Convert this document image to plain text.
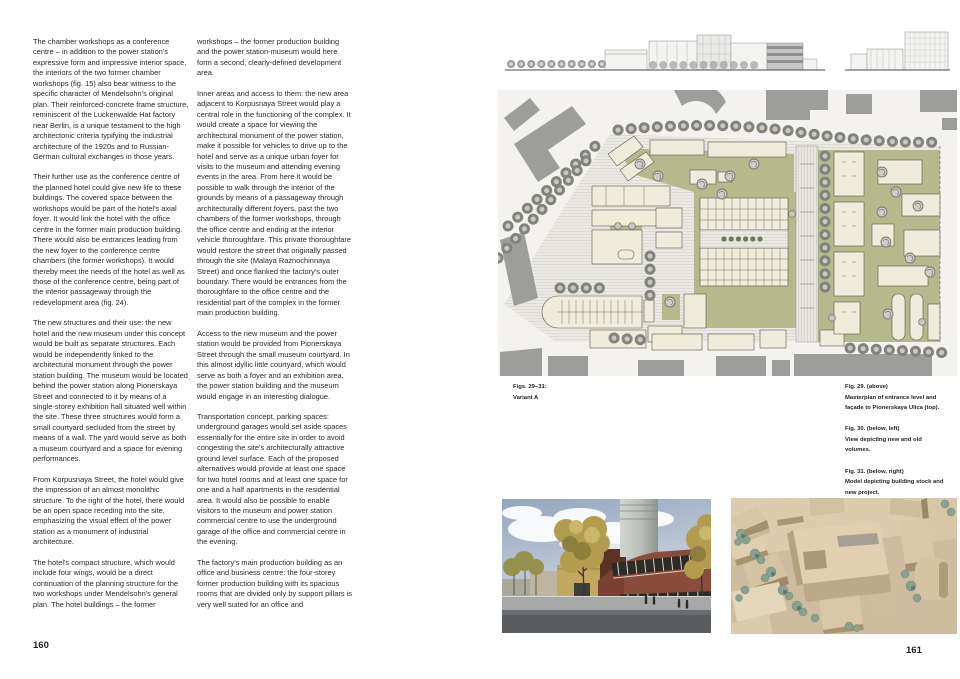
The chamber workshops as a conference centre – in addition to the power station's expressive form and impressive interior space, the interiors of the two former chamber workshops (fig. 15) also bear witness to the specific character of Mendelsohn's original plan. Their reinforced-concrete frame structure, reminiscent of the Luckenwalde Hat factory near Berlin, is a unique testament to the high architectonic criteria typifying the industrial architecture of the 1920s and to Russian-German cultural exchanges in those years.

Their further use as the conference centre of the planned hotel could give new life to these buildings. The covered space between the workshops would be part of the hotel's axial foyer. It would link the hotel with the office centre in the former main production building. There would also be entrances leading from the new foyer to the conference centre chambers (the former workshops). It would thereby meet the needs of the hotel as well as those of the conference centre, being part of the interior passageway through the redevelopment area (fig. 24).

The new structures and their use: the new hotel and the new museum under this concept would be built as separate structures. Each would be independently linked to the architectural monument through the power station building. The museum would be located behind the power station along Pionerskaya Street and connected to it by means of a single-storey exhibition hall situated well within the site. These three structures would form a small courtyard secluded from the street by means of a wall. The yard would serve as both a museum courtyard and a space for evening performances.

From Korpusnaya Street, the hotel would give the impression of an almost monolithic structure. To the right of the hotel, there would be an open space receding into the site, emphasizing the visual effect of the power station as a monument of industrial architecture.

The hotel's compact structure, which would include four wings, would be a direct continuation of the planning structure for the two workshops under Mendelsohn's general plan. The hotel buildings – the former

workshops – the former production building and the power station-museum would here form a second, clearly-defined development area.

Inner areas and access to them: the new area adjacent to Korpusnaya Street would play a central role in the functioning of the complex. It would create a space for viewing the architectural monument of the power station, make it possible for vehicles to drive up to the hotel and serve as a unique urban foyer for visits to the museum and attending evening events in the area. From here it would be possible to walk through the interior of the grounds by means of a passageway through architecturally different foyers, past the two chambers of the former workshops, through the office centre and ending at the interior vehicle thoroughfare. This private thoroughfare would restore the street that originally passed through the site (Malaya Raznochinnaya Street) and once flanked the factory's outer boundary. There would be entrances from the thoroughfare to the office centre and the residential part of the complex in the former main production building.

Access to the new museum and the power station would be provided from Pionerskaya Street through the small museum courtyard. In this almost idyllic little courtyard, which would serve as both a foyer and an exhibition area, the power station building and the museum would engage in an interesting dialogue.

Transportation concept, parking spaces: underground garages would set aside spaces essentially for the entire site in order to avoid congesting the site's architecturally attractive ground level surface. Each of the proposed alternatives would provide at least one space for two hotel rooms and at least one space for one and a half apartments in the residential area. It would also be possible to enable visitors to the museum and power station commercial centre to use the underground garage of the office and commercial centre in the evening.

The factory's main production building as an office and business centre: the four-storey former production building with its spacious rooms that are divided only by support pillars is very well suited for an office and

160
Figs. 29–31:
Variant A
Fig. 29. (above)
Masterplan of entrance level and façade to Pionerskaya Ulica (top).
Fig. 30. (below, left)
View depicting new and old volumes.
Fig. 31. (below, right)
Model depicting building stock and new project.
161
